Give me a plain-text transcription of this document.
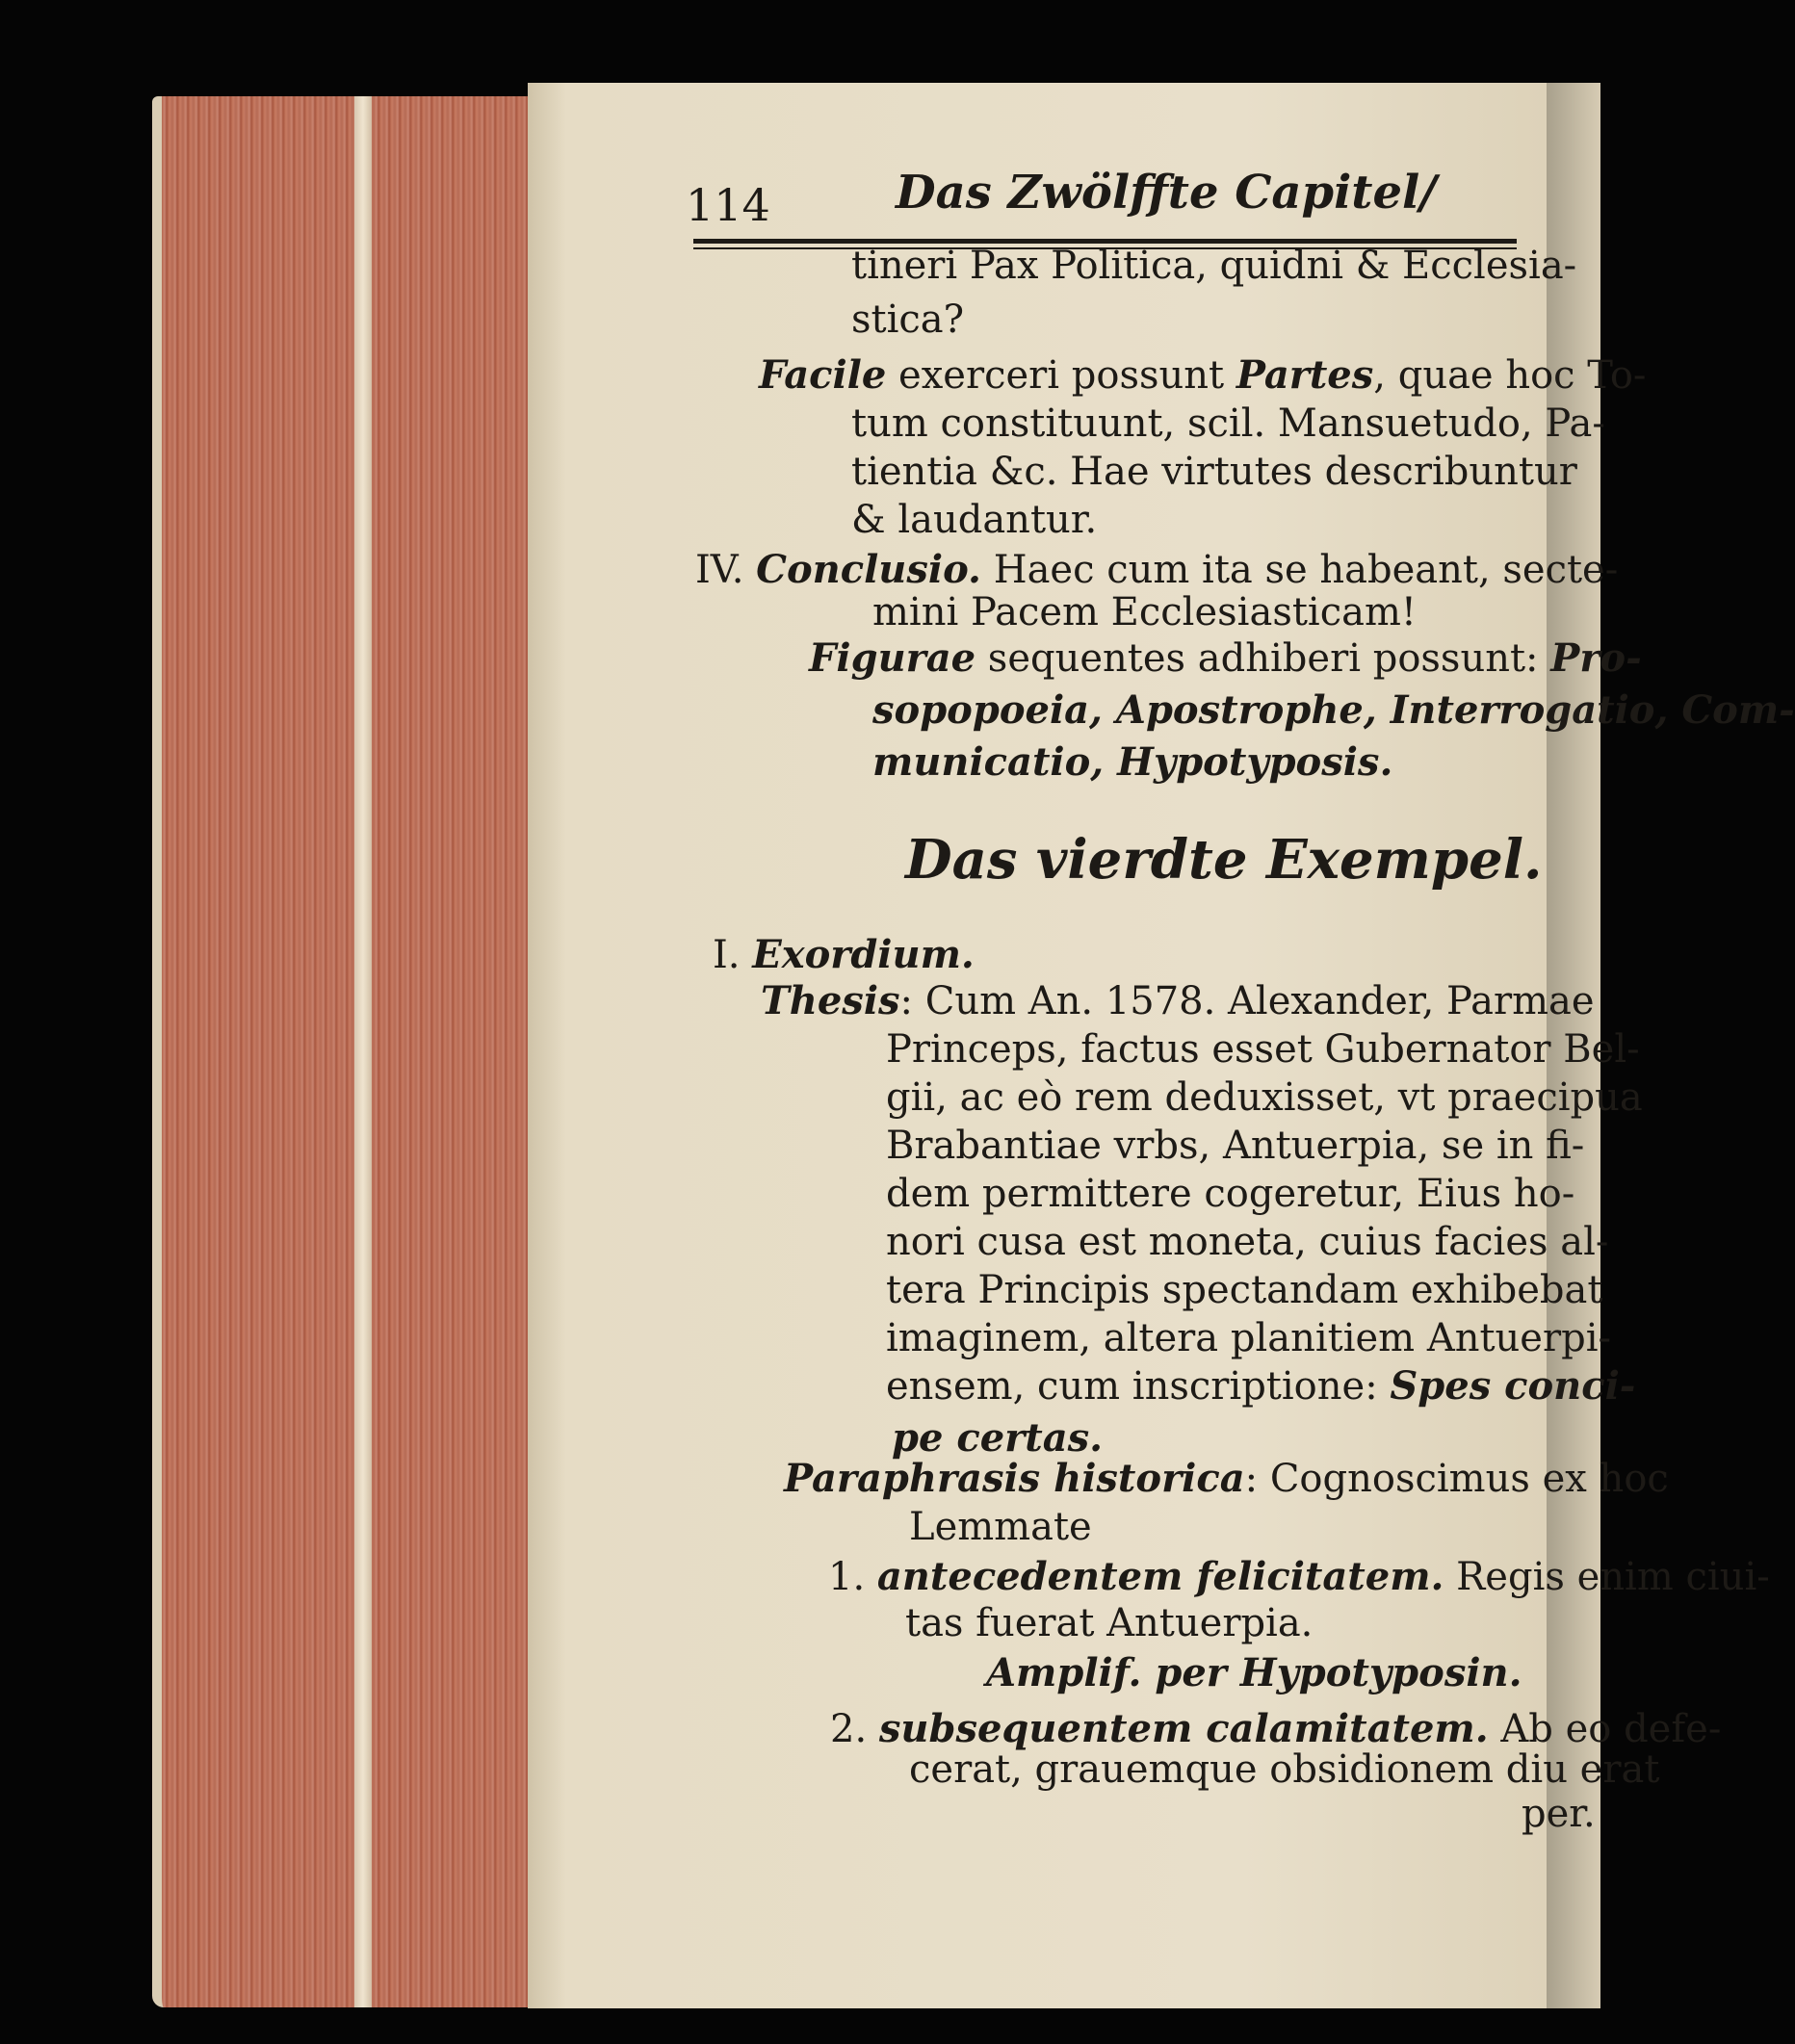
114	Das Zwölffte Capitel/
tineri Pax Politica, quidni & Ecclesia-
stica?
Facile exerceri possunt Partes, quae hoc To-
tum constituunt, scil. Mansuetudo, Pa-
tientia &c. Hae virtutes describuntur
& laudantur.
IV. Conclusio. Haec cum ita se habeant, secte-
mini Pacem Ecclesiasticam!
Figurae sequentes adhiberi possunt: Pro-
sopopoeia, Apostrophe, Interrogatio, Com-
municatio, Hypotyposis.
I. Exordium.
Thesis: Cum An. 1578. Alexander, Parmae
Princeps, factus esset Gubernator Bel-
gii, ac eò rem deduxisset, vt praecipua
Brabantiae vrbs, Antuerpia, se in fi-
dem permittere cogeretur, Eius ho-
nori cusa est moneta, cuius facies al-
tera Principis spectandam exhibebat
imaginem, altera planitiem Antuerpi-
ensem, cum inscriptione: Spes conci-
pe certas.
Paraphrasis historica: Cognoscimus ex hoc
Lemmate
1. antecedentem felicitatem. Regis enim ciui-
tas fuerat Antuerpia.
Amplif. per Hypotyposin.
2. subsequentem calamitatem. Ab eo defe-
cerat, grauemque obsidionem diu erat
per.
Das vierdte Exempel.
